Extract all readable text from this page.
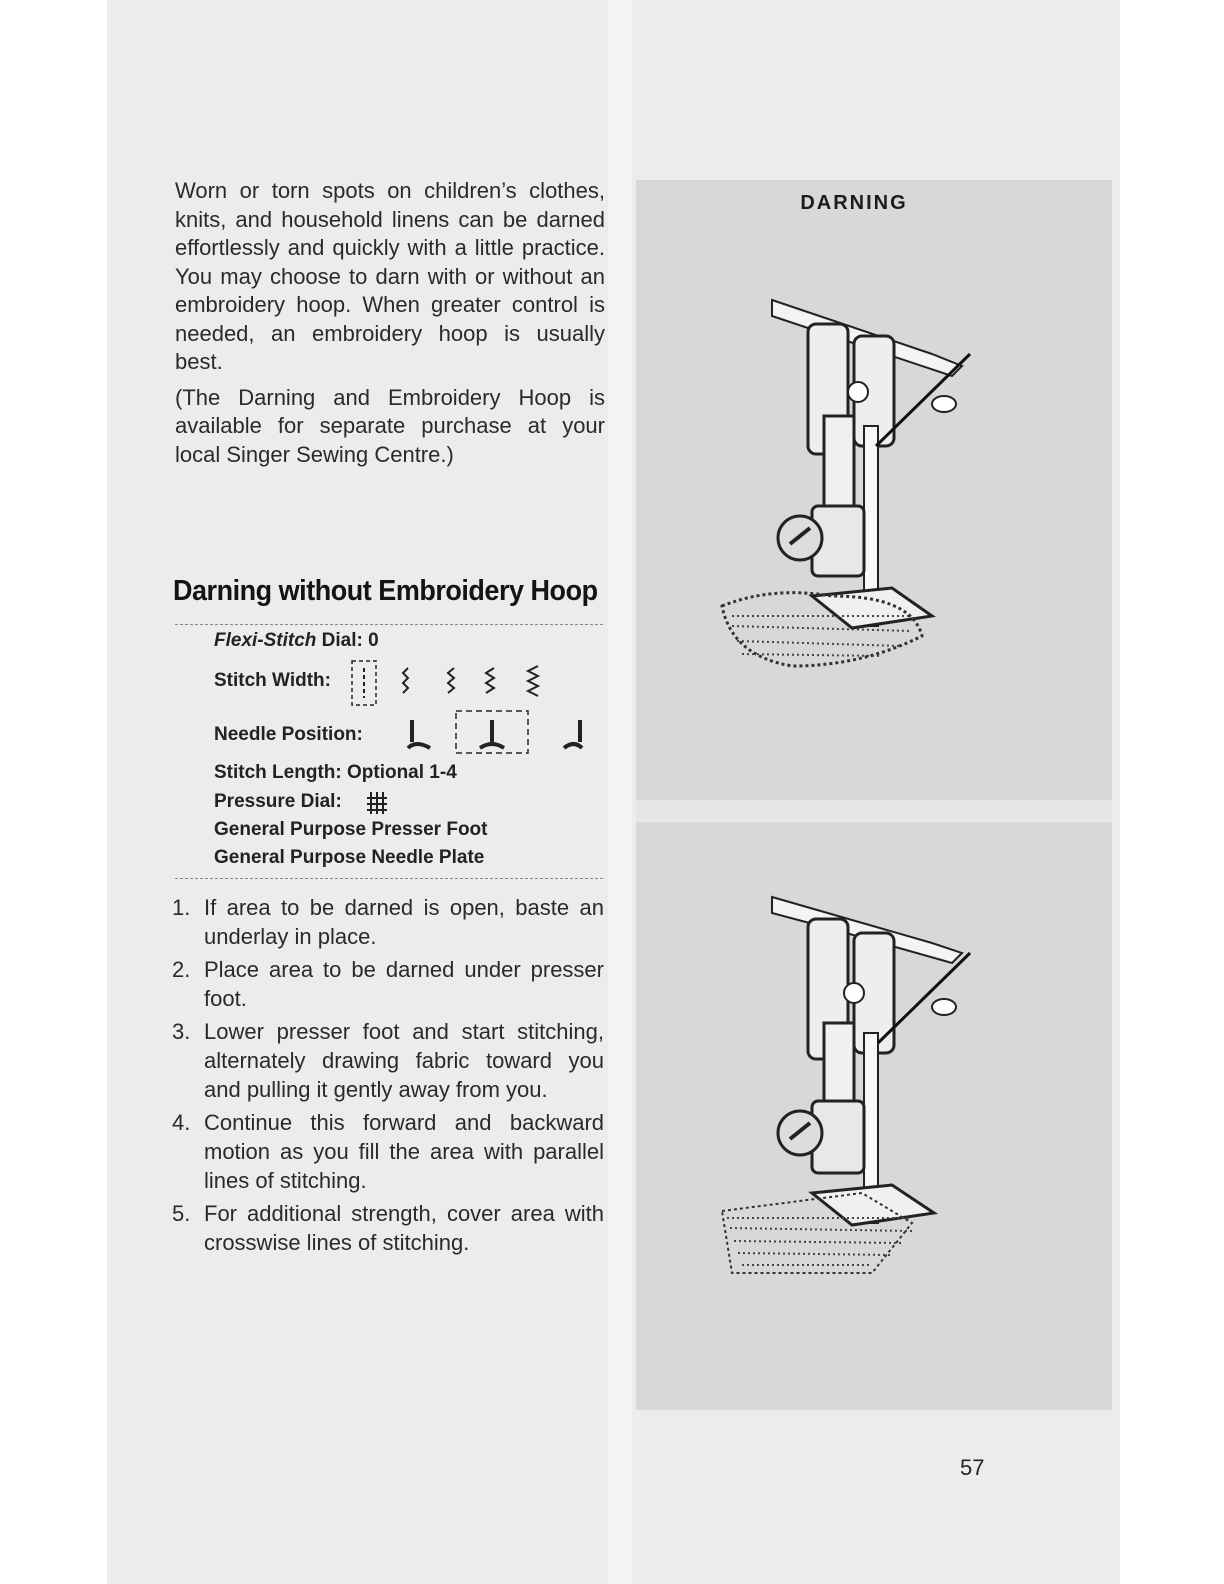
DARNING

Worn or torn spots on children’s clothes, knits, and household linens can be darned effortlessly and quickly with a little practice. You may choose to darn with or without an embroidery hoop. When greater control is needed, an embroidery hoop is usually best.

(The Darning and Embroidery Hoop is available for separate purchase at your local Singer Sewing Centre.)

Darning without Embroidery Hoop
Flexi-Stitch Dial: 0
Stitch Width:
Needle Position:
Stitch Length: Optional 1-4
Pressure Dial:
General Purpose Presser Foot
General Purpose Needle Plate
1. If area to be darned is open, baste an underlay in place.
2. Place area to be darned under presser foot.
3. Lower presser foot and start stitching, alternately drawing fabric toward you and pulling it gently away from you.
4. Continue this forward and backward motion as you fill the area with parallel lines of stitching.
5. For additional strength, cover area with crosswise lines of stitching.
57
